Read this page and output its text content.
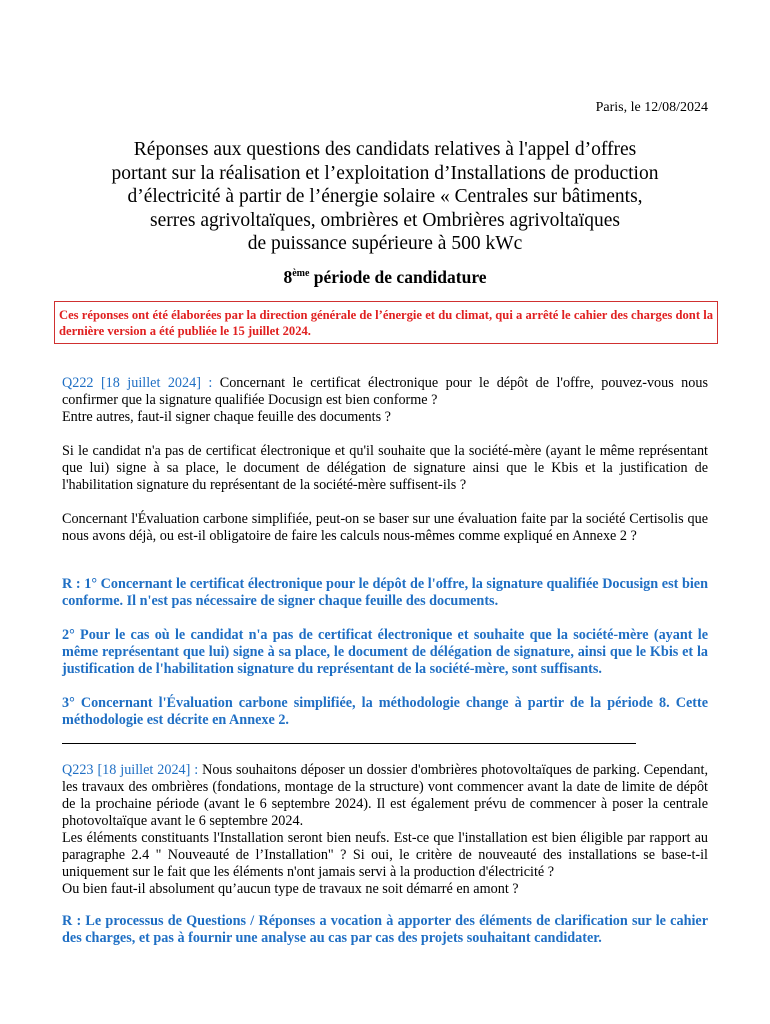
Paris, le 12/08/2024
Réponses aux questions des candidats relatives à l'appel d’offres
portant sur la réalisation et l’exploitation d’Installations de production
d’électricité à partir de l’énergie solaire « Centrales sur bâtiments,
serres agrivoltaïques, ombrières et Ombrières agrivoltaïques
de puissance supérieure à 500 kWc
8ème période de candidature
Ces réponses ont été élaborées par la direction générale de l’énergie et du climat, qui a arrêté le cahier des charges dont la dernière version a été publiée le 15 juillet 2024.
Q222 [18 juillet 2024] : Concernant le certificat électronique pour le dépôt de l'offre, pouvez-vous nous confirmer que la signature qualifiée Docusign est bien conforme ?
Entre autres, faut-il signer chaque feuille des documents ?
Si le candidat n'a pas de certificat électronique et qu'il souhaite que la société-mère (ayant le même représentant que lui) signe à sa place, le document de délégation de signature ainsi que le Kbis et la justification de l'habilitation signature du représentant de la société-mère suffisent-ils ?
Concernant l'Évaluation carbone simplifiée, peut-on se baser sur une évaluation faite par la société Certisolis que nous avons déjà, ou est-il obligatoire de faire les calculs nous-mêmes comme expliqué en Annexe 2 ?
R : 1° Concernant le certificat électronique pour le dépôt de l'offre, la signature qualifiée Docusign est bien conforme. Il n'est pas nécessaire de signer chaque feuille des documents.
2° Pour le cas où le candidat n'a pas de certificat électronique et souhaite que la société-mère (ayant le même représentant que lui) signe à sa place, le document de délégation de signature, ainsi que le Kbis et la justification de l'habilitation signature du représentant de la société-mère, sont suffisants.
3° Concernant l'Évaluation carbone simplifiée, la méthodologie change à partir de la période 8. Cette méthodologie est décrite en Annexe 2.
Q223 [18 juillet 2024] : Nous souhaitons déposer un dossier d'ombrières photovoltaïques de parking. Cependant, les travaux des ombrières (fondations, montage de la structure) vont commencer avant la date de limite de dépôt de la prochaine période (avant le 6 septembre 2024). Il est également prévu de commencer à poser la centrale photovoltaïque avant le 6 septembre 2024.
Les éléments constituants l'Installation seront bien neufs. Est-ce que l'installation est bien éligible par rapport au paragraphe 2.4 " Nouveauté de l’Installation" ? Si oui, le critère de nouveauté des installations se base-t-il uniquement sur le fait que les éléments n'ont jamais servi à la production d'électricité ?
Ou bien faut-il absolument qu’aucun type de travaux ne soit démarré en amont ?
R : Le processus de Questions / Réponses a vocation à apporter des éléments de clarification sur le cahier des charges, et pas à fournir une analyse au cas par cas des projets souhaitant candidater.
